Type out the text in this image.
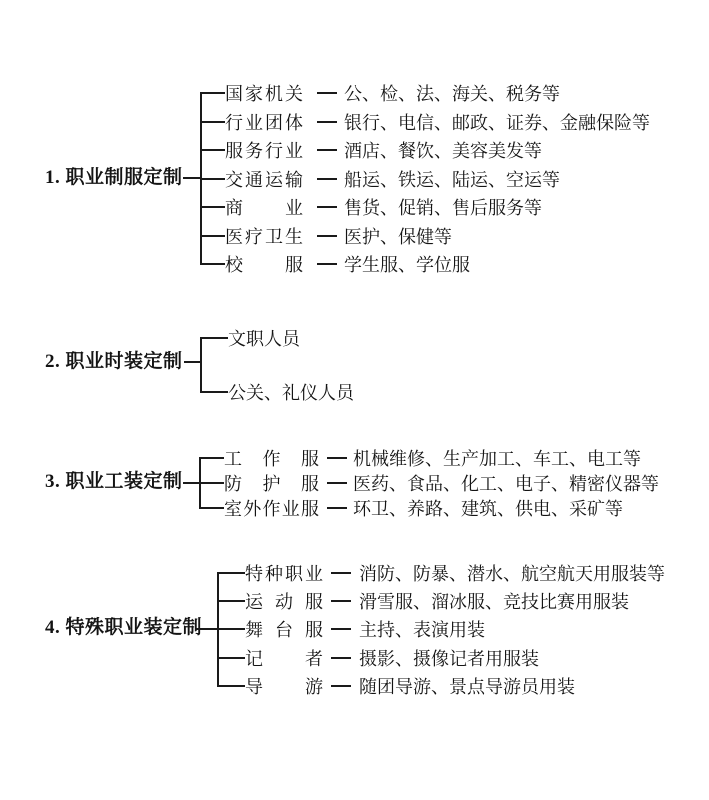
1. 职业制服定制
国家机关 公、检、法、海关、税务等
行业团体 银行、电信、邮政、证券、金融保险等
服务行业 酒店、餐饮、美容美发等
交通运输 船运、铁运、陆运、空运等
商 业 售货、促销、售后服务等
医疗卫生 医护、保健等
校 服 学生服、学位服
2. 职业时装定制
文职人员
公关、礼仪人员
3. 职业工装定制
工 作 服 机械维修、生产加工、车工、电工等
防 护 服 医药、食品、化工、电子、精密仪器等
室外作业服 环卫、养路、建筑、供电、采矿等
4. 特殊职业装定制
特种职业 消防、防暴、潜水、航空航天用服装等
运 动 服 滑雪服、溜冰服、竞技比赛用服装
舞 台 服 主持、表演用装
记 者 摄影、摄像记者用服装
导 游 随团导游、景点导游员用装
